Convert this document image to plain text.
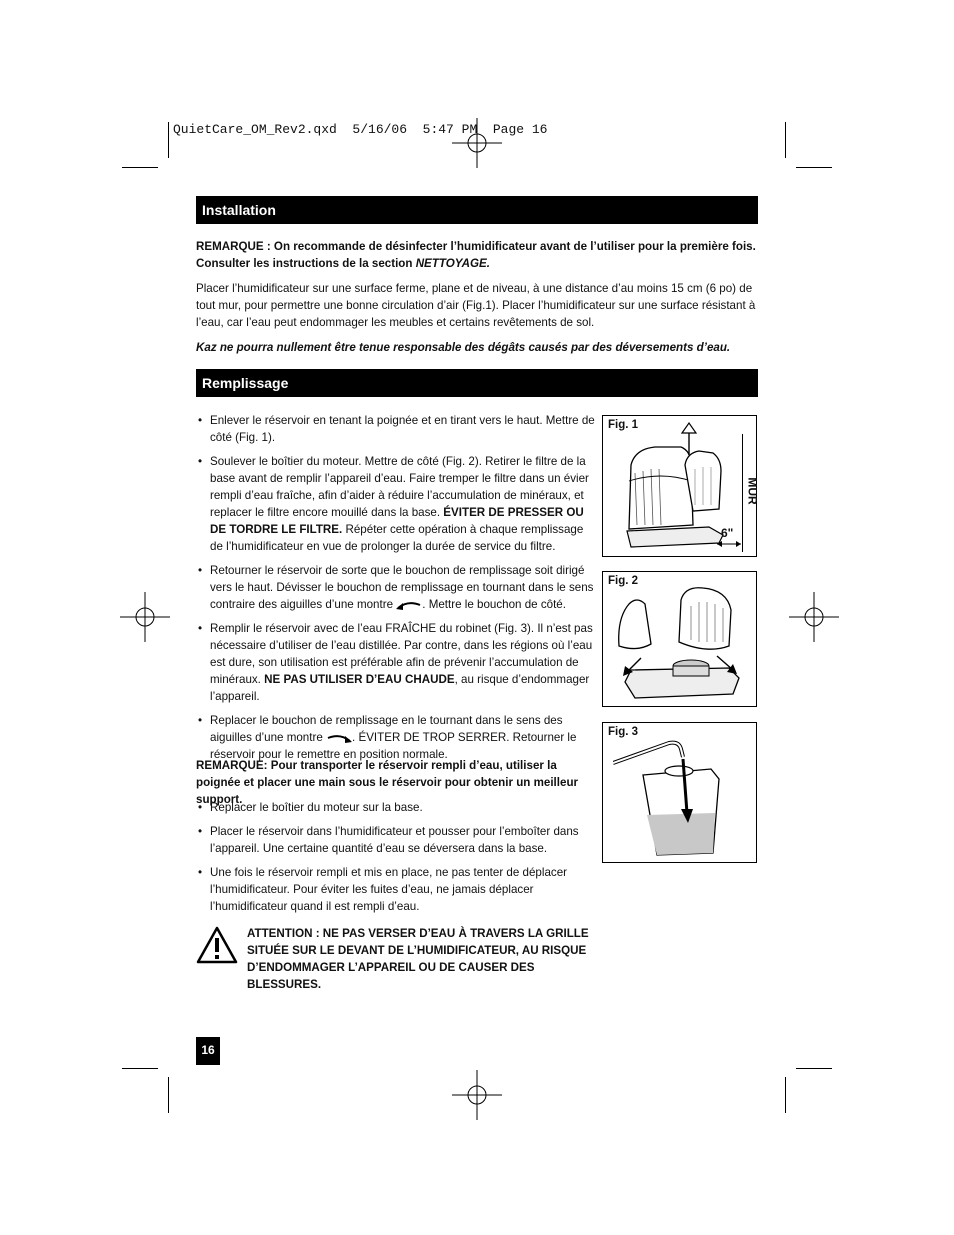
QuietCare_OM_Rev2.qxd  5/16/06  5:47 PM  Page 16
Installation
REMARQUE : On recommande de désinfecter l’humidificateur avant de l’utiliser pour la première fois. Consulter les instructions de la section NETTOYAGE.
Placer l’humidificateur sur une surface ferme, plane et de niveau, à une distance d’au moins 15 cm (6 po) de tout mur, pour permettre une bonne circulation d’air (Fig.1). Placer l’humidificateur sur une surface résistant à l’eau, car l’eau peut endommager les meubles et certains revêtements de sol.
Kaz ne pourra nullement être tenue responsable des dégâts causés par des déversements d’eau.
Remplissage
• Enlever le réservoir en tenant la poignée et en tirant vers le haut. Mettre de côté (Fig. 1).
• Soulever le boîtier du moteur. Mettre de côté (Fig. 2). Retirer le filtre de la base avant de remplir l’appareil d’eau. Faire tremper le filtre dans un évier rempli d’eau fraîche, afin d’aider à réduire l’accumulation de minéraux, et replacer le filtre encore mouillé dans la base. ÉVITER DE PRESSER OU DE TORDRE LE FILTRE. Répéter cette opération à chaque remplissage de l’humidificateur en vue de prolonger la durée de service du filtre.
• Retourner le réservoir de sorte que le bouchon de remplissage soit dirigé vers le haut. Dévisser le bouchon de remplissage en tournant dans le sens contraire des aiguilles d’une montre . Mettre le bouchon de côté.
• Remplir le réservoir avec de l’eau FRAÎCHE du robinet (Fig. 3). Il n’est pas nécessaire d’utiliser de l’eau distillée. Par contre, dans les régions où l’eau est dure, son utilisation est préférable afin de prévenir l’accumulation de minéraux. NE PAS UTILISER D’EAU CHAUDE, au risque d’endommager l’appareil.
• Replacer le bouchon de remplissage en le tournant dans le sens des aiguilles d’une montre . ÉVITER DE TROP SERRER. Retourner le réservoir pour le remettre en position normale.
REMARQUE: Pour transporter le réservoir rempli d’eau, utiliser la poignée et placer une main sous le réservoir pour obtenir un meilleur support.
• Replacer le boîtier du moteur sur la base.
• Placer le réservoir dans l’humidificateur et pousser pour l’emboîter dans l’appareil. Une certaine quantité d’eau se déversera dans la base.
• Une fois le réservoir rempli et mis en place, ne pas tenter de déplacer l’humidificateur. Pour éviter les fuites d’eau, ne jamais déplacer l’humidificateur quand il est rempli d’eau.
ATTENTION : NE PAS VERSER D’EAU À TRAVERS LA GRILLE SITUÉE SUR LE DEVANT DE L’HUMIDIFICATEUR, AU RISQUE D’ENDOMMAGER L’APPAREIL OU DE CAUSER DES BLESSURES.
Fig. 1
MUR
6"
Fig. 2
Fig. 3
16
